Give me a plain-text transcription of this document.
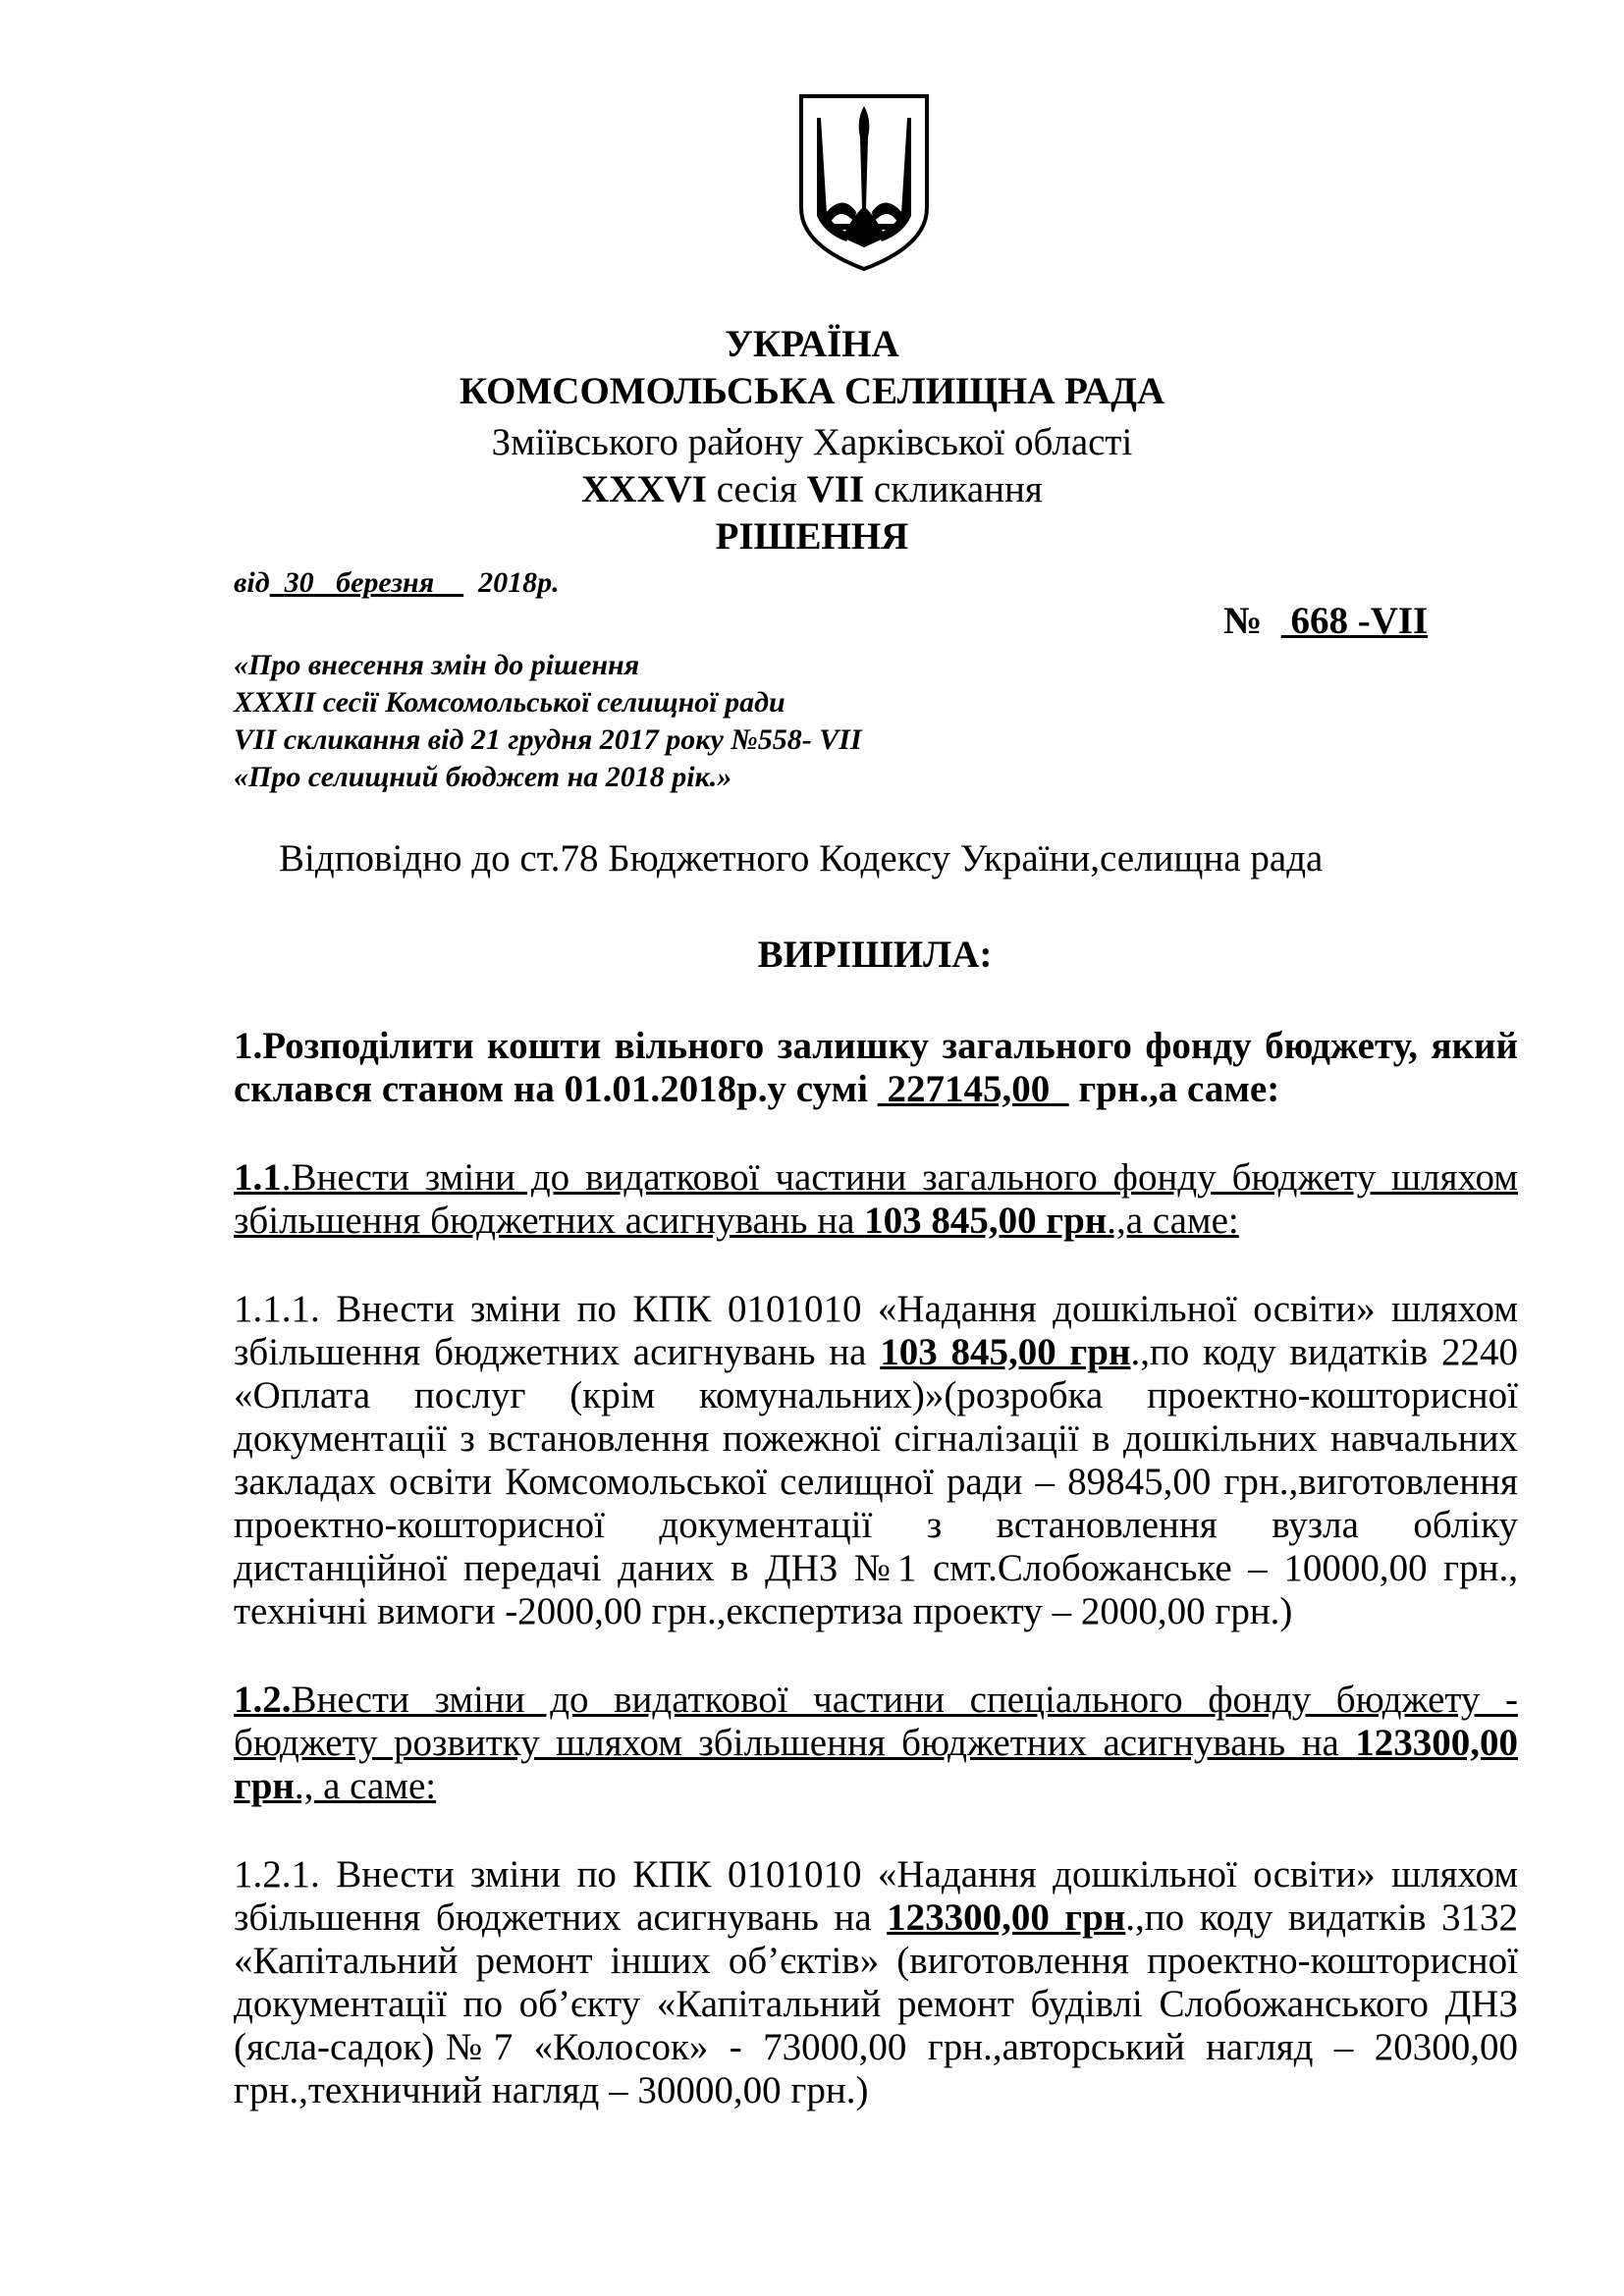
УКРАЇНА
КОМСОМОЛЬСЬКА СЕЛИЩНА РАДА
Зміївського району Харківської області
XXXVI сесія VII скликання
РІШЕННЯ
від 30 березня 2018р.
№ 668 -VII
«Про внесення змін до рішення
XXXII сесії Комсомольської селищної ради
VII скликання від 21 грудня 2017 року №558- VII
«Про селищний бюджет на 2018 рік.»
Відповідно до ст.78 Бюджетного Кодексу України,селищна рада
ВИРІШИЛА:

1.Розподілити кошти вільного залишку загального фонду бюджету, який

склався станом на 01.01.2018р.у сумі 227145,00 грн.,а саме:

1.1.Внести зміни до видаткової частини загального фонду бюджету шляхом

збільшення бюджетних асигнувань на 103 845,00 грн.,а саме:

1.1.1. Внести зміни по КПК 0101010 «Надання дошкільної освіти» шляхом

збільшення бюджетних асигнувань на 103 845,00 грн.,по коду видатків 2240

«Оплата послуг (крім комунальних)»(розробка проектно-кошторисної

документації з встановлення пожежної сігналізації в дошкільних навчальних

закладах освіти Комсомольської селищної ради – 89845,00 грн.,виготовлення

проектно-кошторисної документації з встановлення вузла обліку

дистанційної передачі даних в ДНЗ №1 смт.Слобожанське – 10000,00 грн.,

технічні вимоги -2000,00 грн.,експертиза проекту – 2000,00 грн.)

1.2.Внести зміни до видаткової частини спеціального фонду бюджету -

бюджету розвитку шляхом збільшення бюджетних асигнувань на 123300,00

грн., а саме:

1.2.1. Внести зміни по КПК 0101010 «Надання дошкільної освіти» шляхом

збільшення бюджетних асигнувань на 123300,00 грн.,по коду видатків 3132

«Капітальний ремонт інших об’єктів» (виготовлення проектно-кошторисної

документації по об’єкту «Капітальний ремонт будівлі Слобожанського ДНЗ

(ясла-садок)№7 «Колосок» - 73000,00 грн.,авторський нагляд – 20300,00

грн.,техничний нагляд – 30000,00 грн.)
